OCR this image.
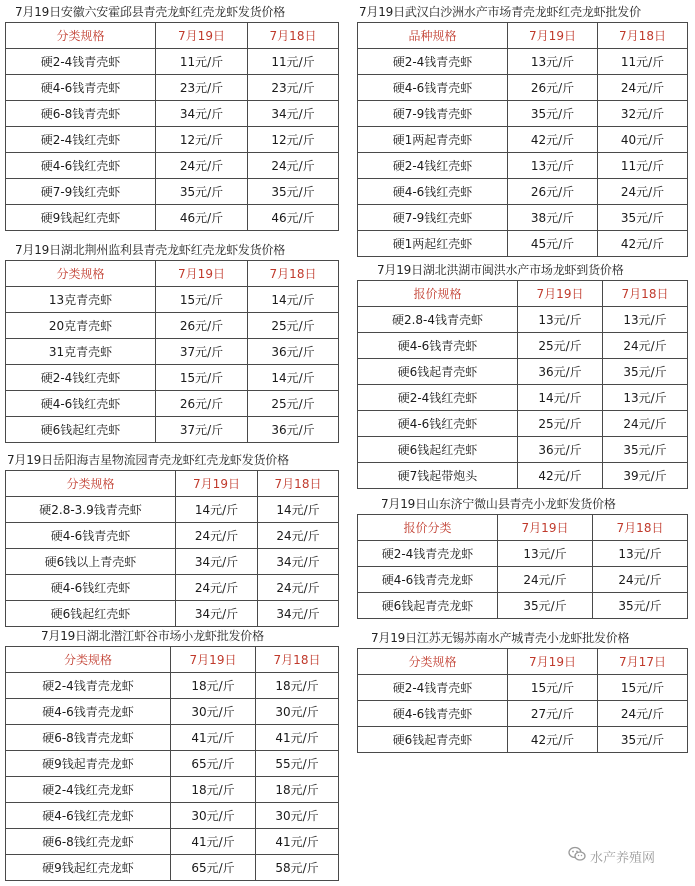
7月19日安徽六安霍邱县青壳龙虾红壳龙虾发货价格
分类规格	7月19日	7月18日
硬2-4钱青壳虾	11元/斤	11元/斤
硬4-6钱青壳虾	23元/斤	23元/斤
硬6-8钱青壳虾	34元/斤	34元/斤
硬2-4钱红壳虾	12元/斤	12元/斤
硬4-6钱红壳虾	24元/斤	24元/斤
硬7-9钱红壳虾	35元/斤	35元/斤
硬9钱起红壳虾	46元/斤	46元/斤
7月19日湖北荆州监利县青壳龙虾红壳龙虾发货价格
分类规格	7月19日	7月18日
13克青壳虾	15元/斤	14元/斤
20克青壳虾	26元/斤	25元/斤
31克青壳虾	37元/斤	36元/斤
硬2-4钱红壳虾	15元/斤	14元/斤
硬4-6钱红壳虾	26元/斤	25元/斤
硬6钱起红壳虾	37元/斤	36元/斤
7月19日岳阳海吉星物流园青壳龙虾红壳龙虾发货价格
分类规格	7月19日	7月18日
硬2.8-3.9钱青壳虾	14元/斤	14元/斤
硬4-6钱青壳虾	24元/斤	24元/斤
硬6钱以上青壳虾	34元/斤	34元/斤
硬4-6钱红壳虾	24元/斤	24元/斤
硬6钱起红壳虾	34元/斤	34元/斤
7月19日湖北潜江虾谷市场小龙虾批发价格
分类规格	7月19日	7月18日
硬2-4钱青壳龙虾	18元/斤	18元/斤
硬4-6钱青壳龙虾	30元/斤	30元/斤
硬6-8钱青壳龙虾	41元/斤	41元/斤
硬9钱起青壳龙虾	65元/斤	55元/斤
硬2-4钱红壳龙虾	18元/斤	18元/斤
硬4-6钱红壳龙虾	30元/斤	30元/斤
硬6-8钱红壳龙虾	41元/斤	41元/斤
硬9钱起红壳龙虾	65元/斤	58元/斤
7月19日武汉白沙洲水产市场青壳龙虾红壳龙虾批发价
品种规格	7月19日	7月18日
硬2-4钱青壳虾	13元/斤	11元/斤
硬4-6钱青壳虾	26元/斤	24元/斤
硬7-9钱青壳虾	35元/斤	32元/斤
硬1两起青壳虾	42元/斤	40元/斤
硬2-4钱红壳虾	13元/斤	11元/斤
硬4-6钱红壳虾	26元/斤	24元/斤
硬7-9钱红壳虾	38元/斤	35元/斤
硬1两起红壳虾	45元/斤	42元/斤
7月19日湖北洪湖市闽洪水产市场龙虾到货价格
报价规格	7月19日	7月18日
硬2.8-4钱青壳虾	13元/斤	13元/斤
硬4-6钱青壳虾	25元/斤	24元/斤
硬6钱起青壳虾	36元/斤	35元/斤
硬2-4钱红壳虾	14元/斤	13元/斤
硬4-6钱红壳虾	25元/斤	24元/斤
硬6钱起红壳虾	36元/斤	35元/斤
硬7钱起带炮头	42元/斤	39元/斤
7月19日山东济宁微山县青壳小龙虾发货价格
报价分类	7月19日	7月18日
硬2-4钱青壳龙虾	13元/斤	13元/斤
硬4-6钱青壳龙虾	24元/斤	24元/斤
硬6钱起青壳龙虾	35元/斤	35元/斤
7月19日江苏无锡苏南水产城青壳小龙虾批发价格
分类规格	7月19日	7月17日
硬2-4钱青壳虾	15元/斤	15元/斤
硬4-6钱青壳虾	27元/斤	24元/斤
硬6钱起青壳虾	42元/斤	35元/斤
水产养殖网
